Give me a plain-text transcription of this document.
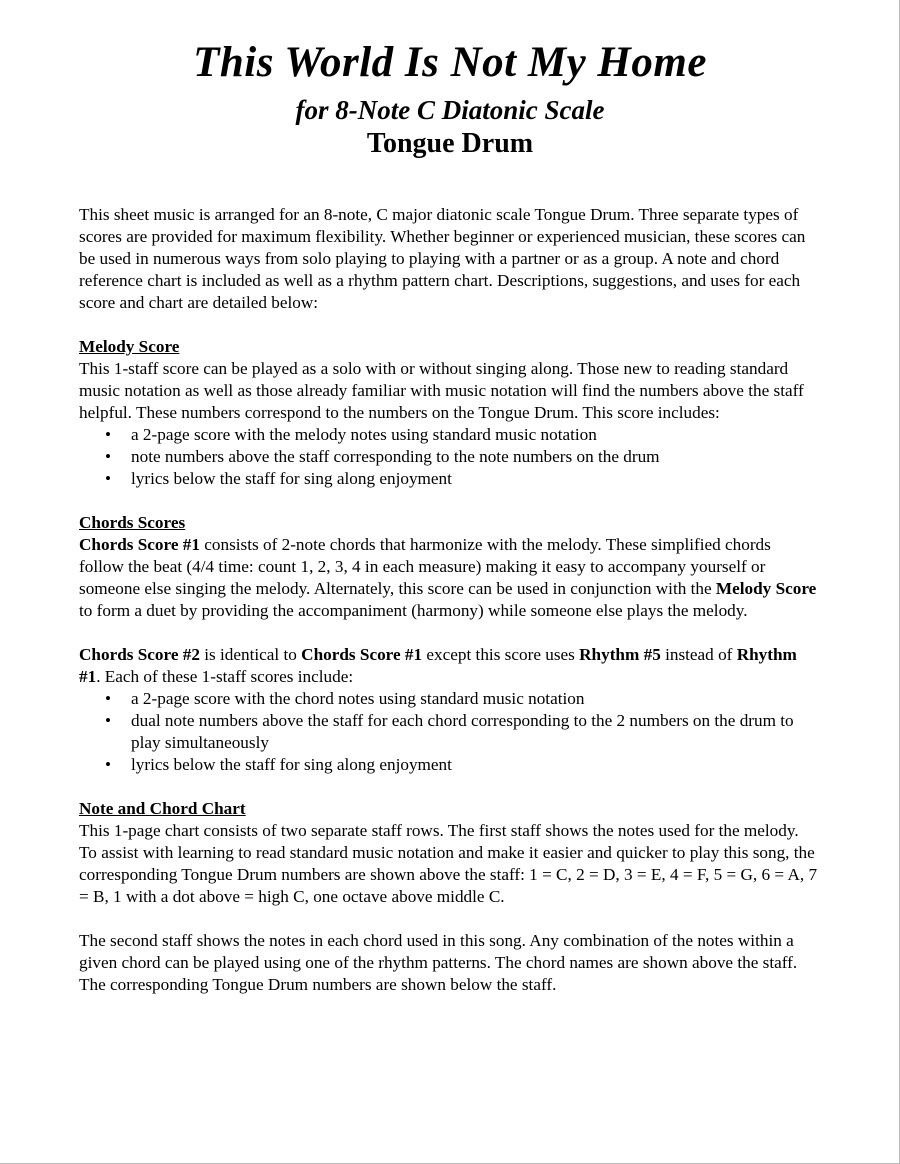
This World Is Not My Home
for 8-Note C Diatonic Scale
Tongue Drum

This sheet music is arranged for an 8-note, C major diatonic scale Tongue Drum. Three separate types of scores are provided for maximum flexibility. Whether beginner or experienced musician, these scores can be used in numerous ways from solo playing to playing with a partner or as a group. A note and chord reference chart is included as well as a rhythm pattern chart. Descriptions, suggestions, and uses for each score and chart are detailed below:

Melody Score

This 1-staff score can be played as a solo with or without singing along. Those new to reading standard music notation as well as those already familiar with music notation will find the numbers above the staff helpful. These numbers correspond to the numbers on the Tongue Drum. This score includes:

• a 2-page score with the melody notes using standard music notation
• note numbers above the staff corresponding to the note numbers on the drum
• lyrics below the staff for sing along enjoyment

Chords Scores

Chords Score #1 consists of 2-note chords that harmonize with the melody. These simplified chords follow the beat (4/4 time: count 1, 2, 3, 4 in each measure) making it easy to accompany yourself or someone else singing the melody. Alternately, this score can be used in conjunction with the Melody Score to form a duet by providing the accompaniment (harmony) while someone else plays the melody.

Chords Score #2 is identical to Chords Score #1 except this score uses Rhythm #5 instead of Rhythm #1. Each of these 1-staff scores include:

• a 2-page score with the chord notes using standard music notation
• dual note numbers above the staff for each chord corresponding to the 2 numbers on the drum to play simultaneously
• lyrics below the staff for sing along enjoyment

Note and Chord Chart

This 1-page chart consists of two separate staff rows. The first staff shows the notes used for the melody. To assist with learning to read standard music notation and make it easier and quicker to play this song, the corresponding Tongue Drum numbers are shown above the staff: 1 = C, 2 = D, 3 = E, 4 = F, 5 = G, 6 = A, 7 = B, 1 with a dot above = high C, one octave above middle C.

The second staff shows the notes in each chord used in this song. Any combination of the notes within a given chord can be played using one of the rhythm patterns. The chord names are shown above the staff. The corresponding Tongue Drum numbers are shown below the staff.
